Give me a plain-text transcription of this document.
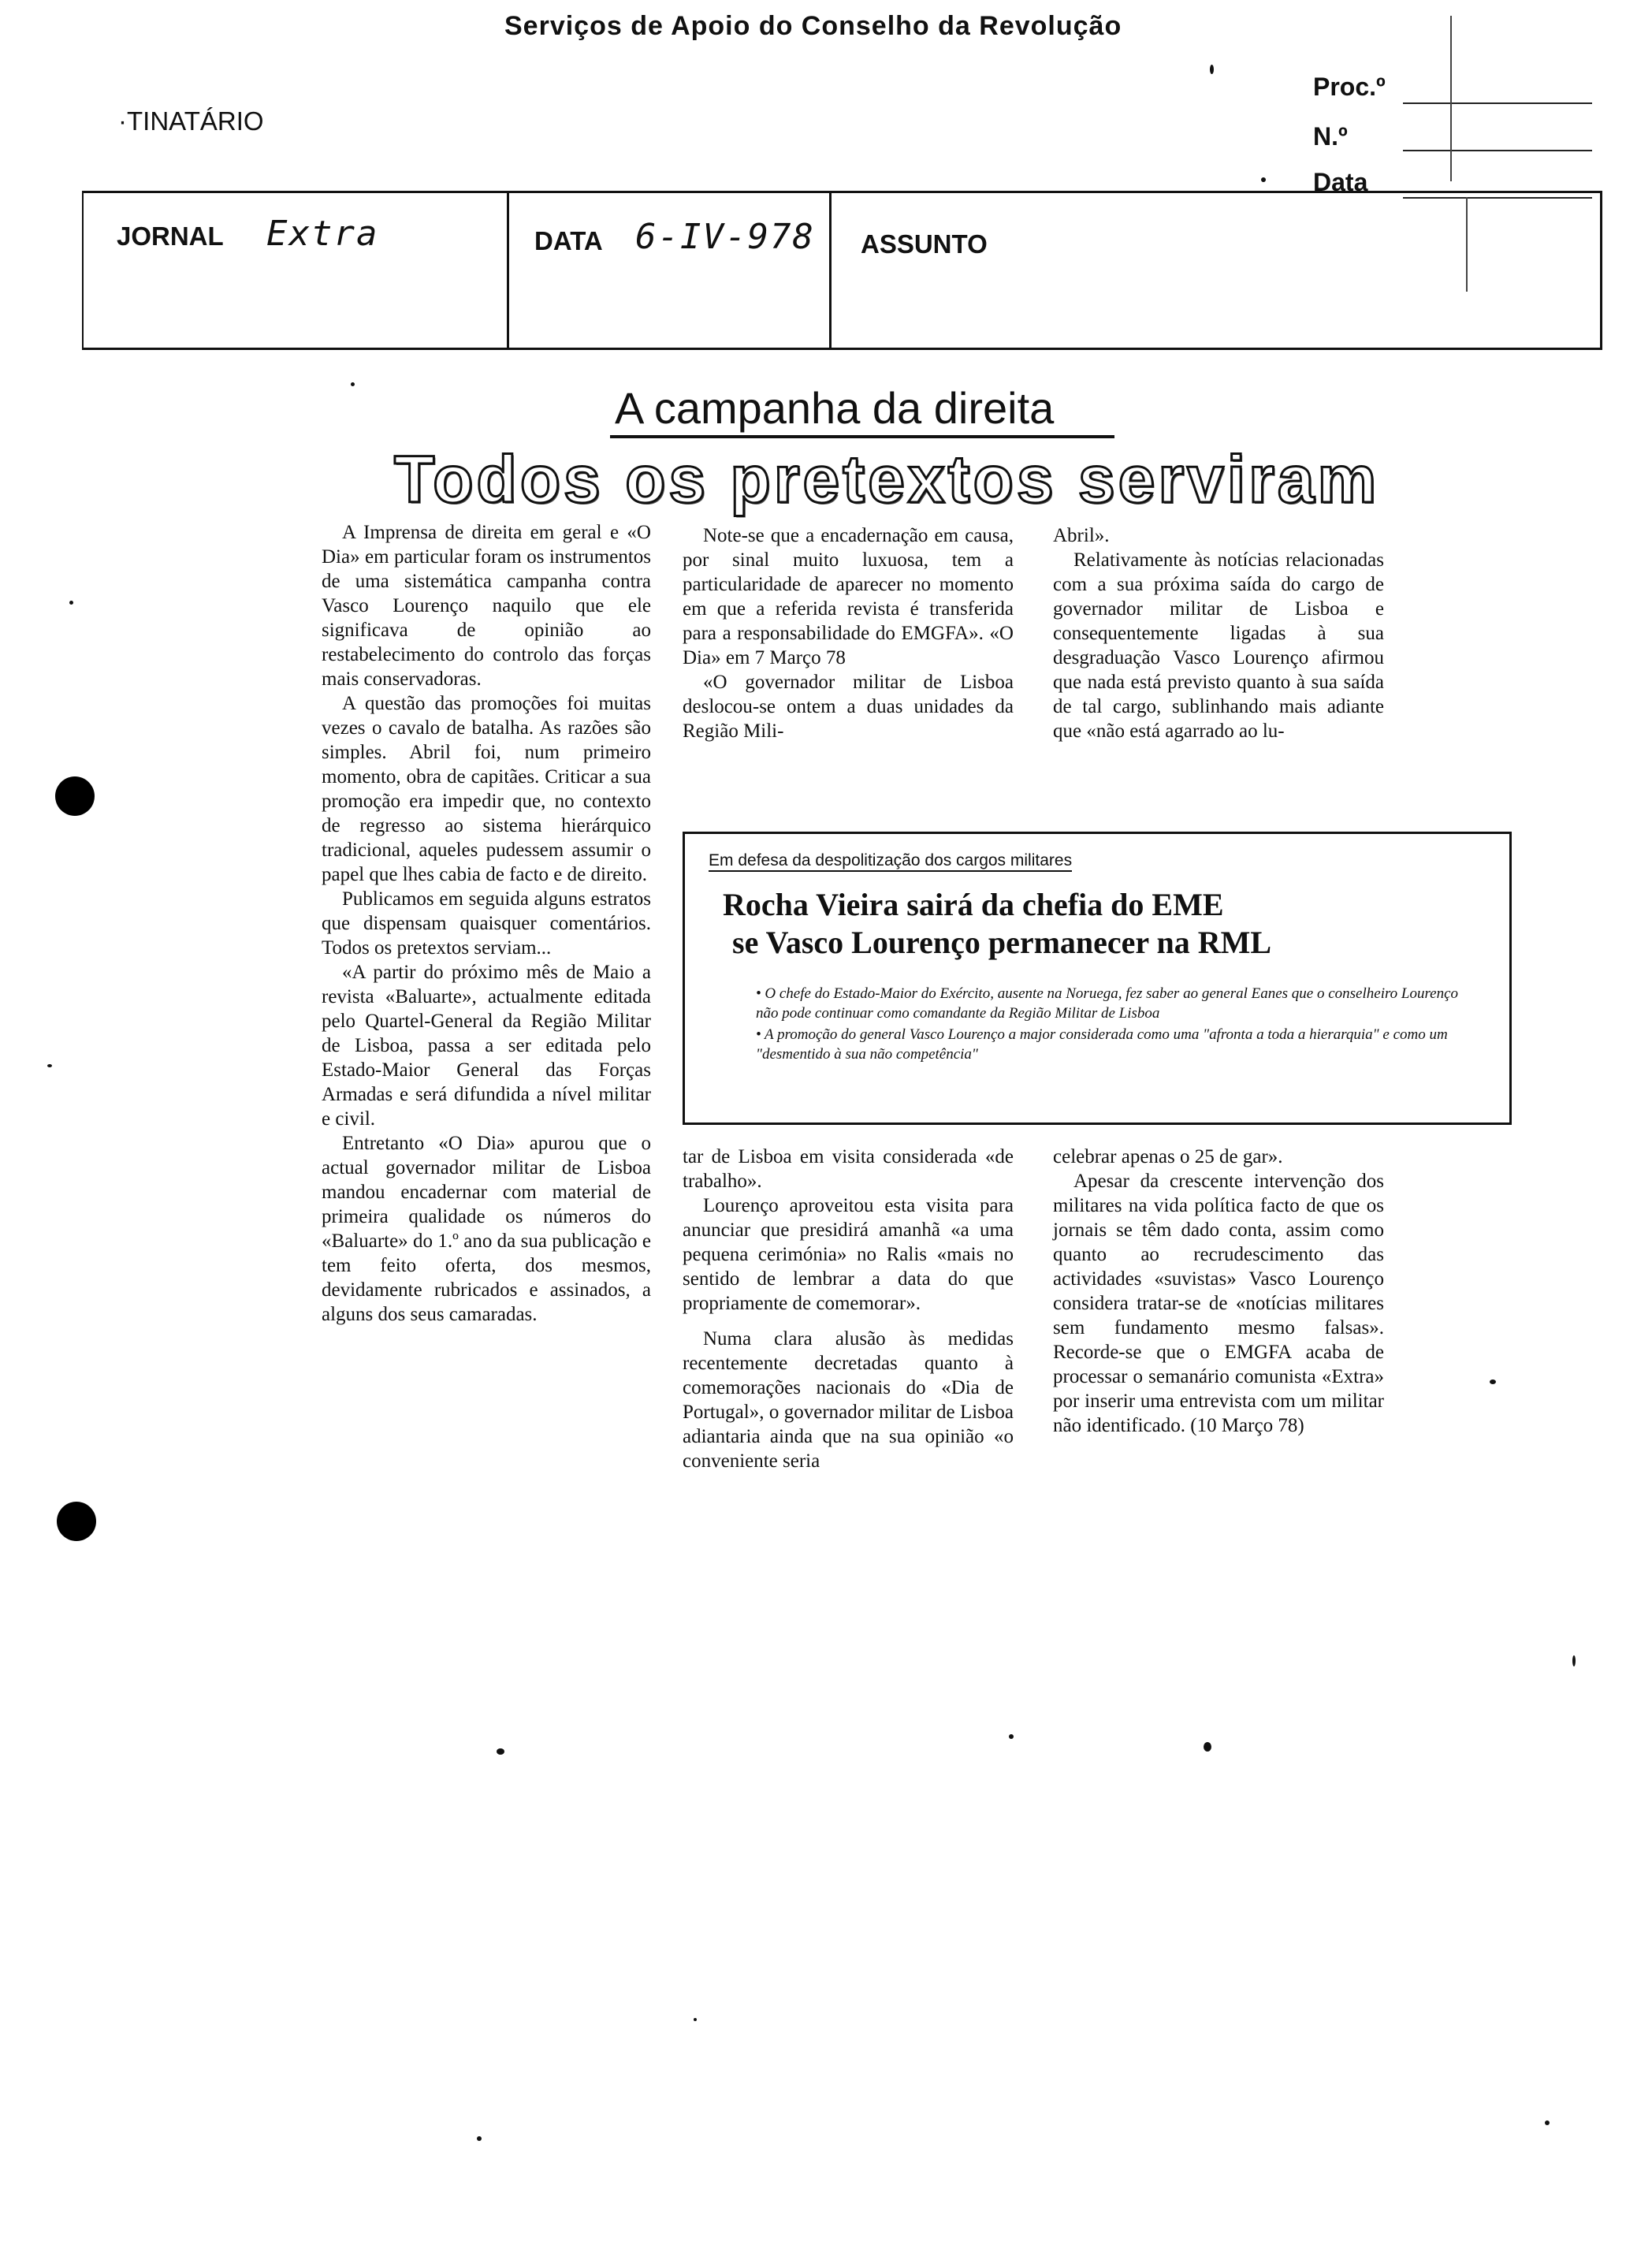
Serviços de Apoio do Conselho da Revolução
·TINATÁRIO
Proc.º
N.º
Data
JORNAL Extra	DATA 6-IV-978 ASSUNTO
A campanha da direita
Todos os pretextos serviram

A Imprensa de direita em geral e «O Dia» em particular foram os instrumentos de uma sistemática campanha contra Vasco Lourenço naquilo que ele significava de opinião ao restabelecimento do controlo das forças mais conservadoras.

A questão das promoções foi muitas vezes o cavalo de batalha. As razões são simples. Abril foi, num primeiro momento, obra de capitães. Criticar a sua promoção era impedir que, no contexto de regresso ao sistema hierárquico tradicional, aqueles pudessem assumir o papel que lhes cabia de facto e de direito.

Publicamos em seguida alguns estratos que dispensam quaisquer comentários. Todos os pretextos serviam...

«A partir do próximo mês de Maio a revista «Baluarte», actualmente editada pelo Quartel-General da Região Militar de Lisboa, passa a ser editada pelo Estado-Maior General das Forças Armadas e será difundida a nível militar e civil.

Entretanto «O Dia» apurou que o actual governador militar de Lisboa mandou encadernar com material de primeira qualidade os números do «Baluarte» do 1.º ano da sua publicação e tem feito oferta, dos mesmos, devidamente rubricados e assinados, a alguns dos seus camaradas.

Note-se que a encadernação em causa, por sinal muito luxuosa, tem a particularidade de aparecer no momento em que a referida revista é transferida para a responsabilidade do EMGFA». «O Dia» em 7 Março 78

«O governador militar de Lisboa deslocou-se ontem a duas unidades da Região Mili-

Abril».

Relativamente às notícias relacionadas com a sua próxima saída do cargo de governador militar de Lisboa e consequentemente ligadas à sua desgraduação Vasco Lourenço afirmou que nada está previsto quanto à sua saída de tal cargo, sublinhando mais adiante que «não está agarrado ao lu-

Em defesa da despolitização dos cargos militares
Rocha Vieira sairá da chefia do EME
se Vasco Lourenço permanecer na RML
• O chefe do Estado-Maior do Exército, ausente na Noruega, fez saber ao general Eanes que o conselheiro Lourenço não pode continuar como comandante da Região Militar de Lisboa
• A promoção do general Vasco Lourenço a major considerada como uma "afronta a toda a hierarquia" e como um "desmentido à sua não competência"

tar de Lisboa em visita considerada «de trabalho».

Lourenço aproveitou esta visita para anunciar que presidirá amanhã «a uma pequena cerimónia» no Ralis «mais no sentido de lembrar a data do que propriamente de comemorar».

Numa clara alusão às medidas recentemente decretadas quanto à comemorações nacionais do «Dia de Portugal», o governador militar de Lisboa adiantaria ainda que na sua opinião «o conveniente seria

celebrar apenas o 25 de gar».

Apesar da crescente intervenção dos militares na vida política facto de que os jornais se têm dado conta, assim como quanto ao recrudescimento das actividades «suvistas» Vasco Lourenço considera tratar-se de «notícias militares sem fundamento mesmo falsas». Recorde-se que o EMGFA acaba de processar o semanário comunista «Extra» por inserir uma entrevista com um militar não identificado. (10 Março 78)
